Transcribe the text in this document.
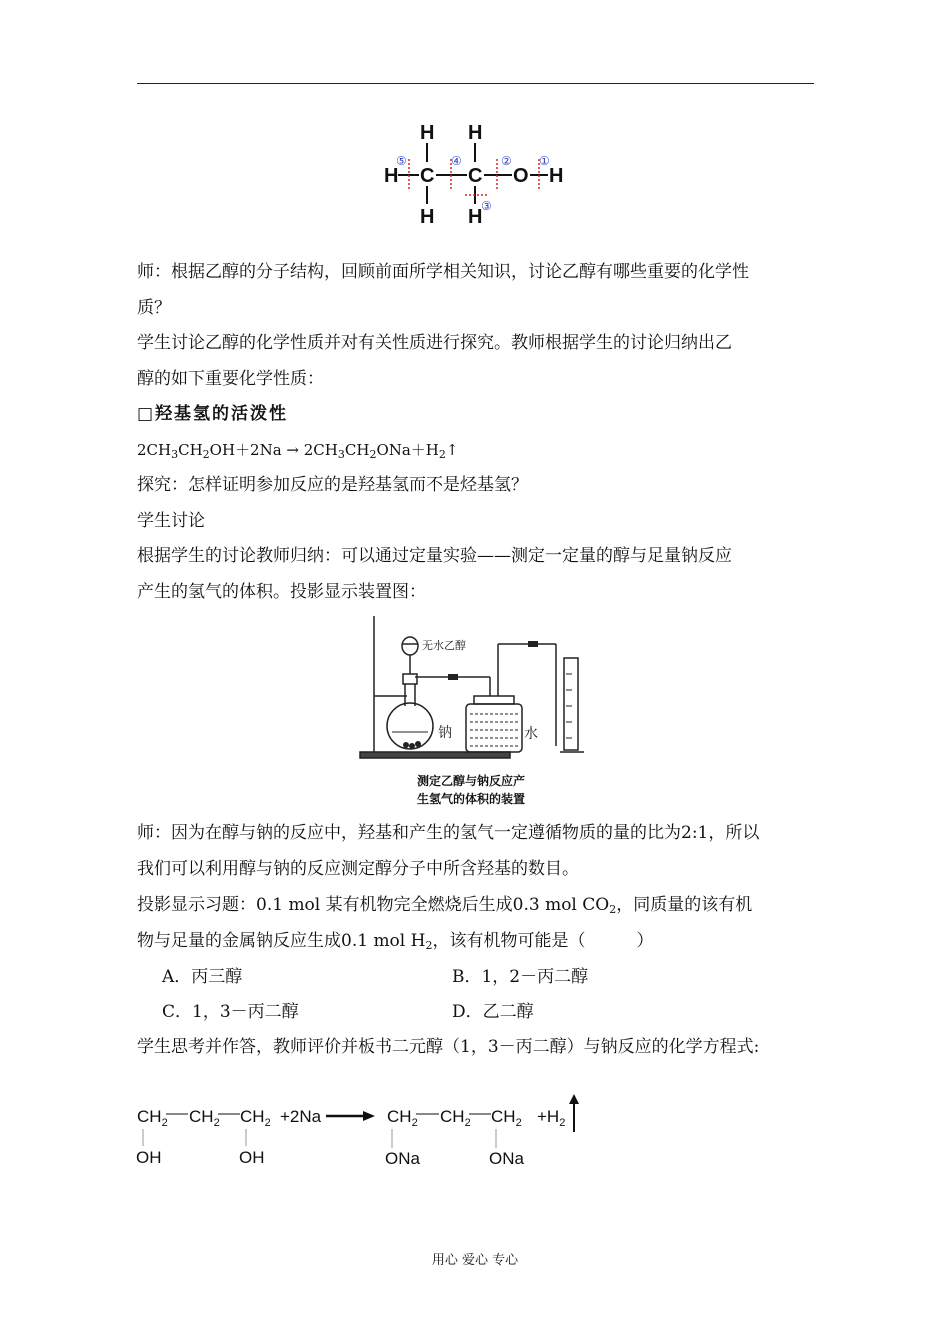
H H
H C C O H
H H
⑤	④	② ①
③
师：根据乙醇的分子结构，回顾前面所学相关知识，讨论乙醇有哪些重要的化学性
质？
学生讨论乙醇的化学性质并对有关性质进行探究。教师根据学生的讨论归纳出乙
醇的如下重要化学性质：
□羟基氢的活泼性
$2CH_3CH_2OH+2Na$ → $2CH_3CH_2ONa+H_2↑$
探究：怎样证明参加反应的是羟基氢而不是烃基氢？
学生讨论
根据学生的讨论教师归纳：可以通过定量实验——测定一定量的醇与足量钠反应
产生的氢气的体积。投影显示装置图：
无水乙醇
钠	水
测定乙醇与钠反应产
生氢气的体积的装置
师：因为在醇与钠的反应中，羟基和产生的氢气一定遵循物质的量的比为2:1，所以
我们可以利用醇与钠的反应测定醇分子中所含羟基的数目。
投影显示习题：0.1 mol 某有机物完全燃烧后生成0.3 mol $CO_2$，同质量的该有机
物与足量的金属钠反应生成0.1 mol $H_2$，该有机物可能是（　　　）
A．丙三醇	B．1，2－丙二醇
C．1，3－丙二醇	D．乙二醇
学生思考并作答，教师评价并板书二元醇（1，3－丙二醇）与钠反应的化学方程式:
$CH_2$ $CH_2$ $CH_2 +2Na$	$CH_2$ $CH_2$ $CH_2 +H_2$
OH	OH	ONa	ONa
用心 爱心 专心
